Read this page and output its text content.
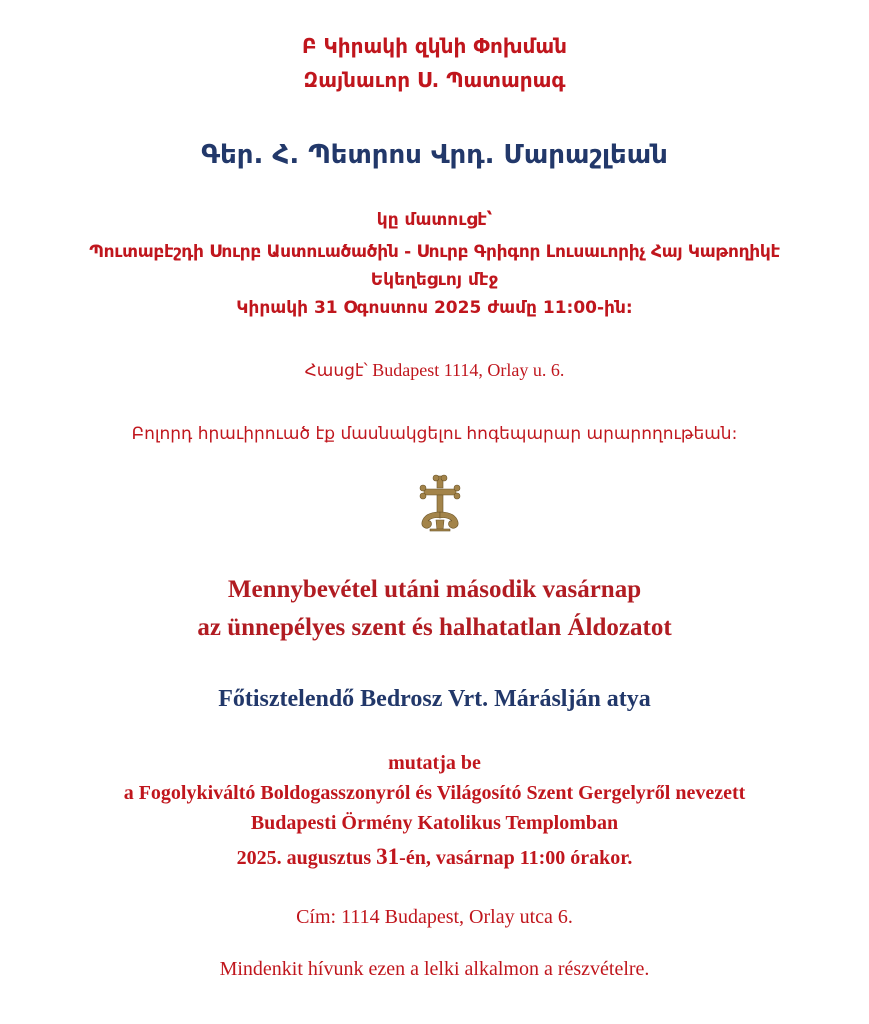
Բ Կիրակի զկնի Փոխման
Զայնաւոր Ս. Պատարագ
Գեր. Հ. Պետրոս Վրդ. Մարաշլեան
կը մատուցէ՝
Պուտաբէշդի Սուրբ Աստուածածին - Սուրբ Գրիգոր Լուսաւորիչ Հայ Կաթողիկէ
Եկեղեցւոյ մէջ
Կիրակի 31 Օգոստոս 2025 ժամը 11:00-ին:
Հասցէ՝ Budapest 1114, Orlay u. 6.
Բոլորդ հրաւիրուած էք մասնակցելու հոգեպարար արարողութեան:
Mennybevétel utáni második vasárnap
az ünnepélyes szent és halhatatlan Áldozatot
Főtisztelendő Bedrosz Vrt. Máráslján atya
mutatja be
a Fogolykiváltó Boldogasszonyról és Világosító Szent Gergelyről nevezett
Budapesti Örmény Katolikus Templomban
2025. augusztus 31-én, vasárnap 11:00 órakor.
Cím: 1114 Budapest, Orlay utca 6.
Mindenkit hívunk ezen a lelki alkalmon a részvételre.
